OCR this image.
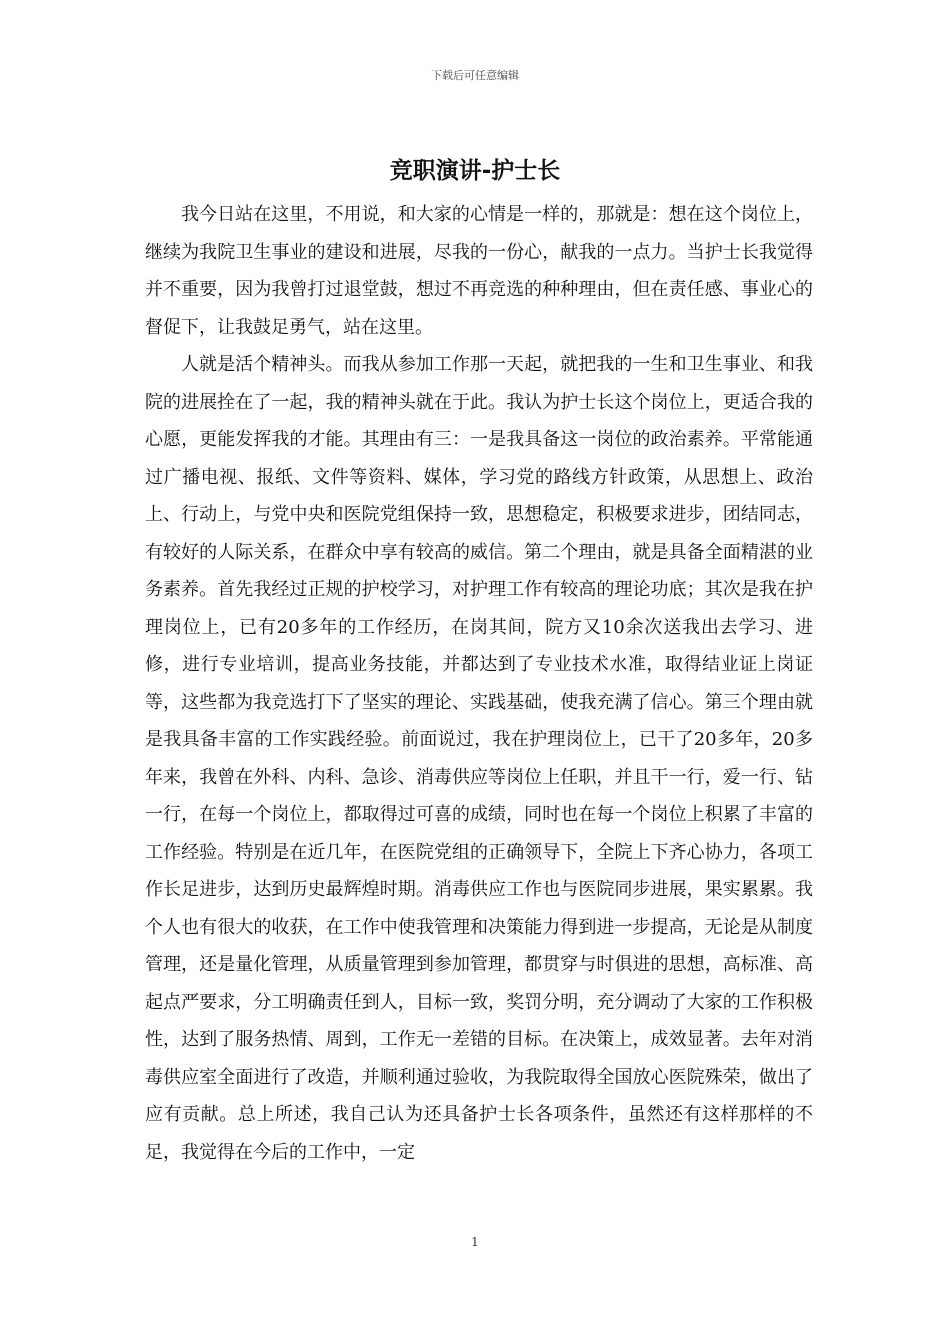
下载后可任意编辑
竞职演讲-护士长

我今日站在这里，不用说，和大家的心情是一样的，那就是：想在这个岗位上，继续为我院卫生事业的建设和进展，尽我的一份心，献我的一点力。当护士长我觉得并不重要，因为我曾打过退堂鼓，想过不再竞选的种种理由，但在责任感、事业心的督促下，让我鼓足勇气，站在这里。

人就是活个精神头。而我从参加工作那一天起，就把我的一生和卫生事业、和我院的进展拴在了一起，我的精神头就在于此。我认为护士长这个岗位上，更适合我的心愿，更能发挥我的才能。其理由有三：一是我具备这一岗位的政治素养。平常能通过广播电视、报纸、文件等资料、媒体，学习党的路线方针政策，从思想上、政治上、行动上，与党中央和医院党组保持一致，思想稳定，积极要求进步，团结同志，有较好的人际关系，在群众中享有较高的威信。第二个理由，就是具备全面精湛的业务素养。首先我经过正规的护校学习，对护理工作有较高的理论功底；其次是我在护理岗位上，已有20多年的工作经历，在岗其间，院方又10余次送我出去学习、进修，进行专业培训，提高业务技能，并都达到了专业技术水准，取得结业证上岗证等，这些都为我竞选打下了坚实的理论、实践基础，使我充满了信心。第三个理由就是我具备丰富的工作实践经验。前面说过，我在护理岗位上，已干了20多年，20多年来，我曾在外科、内科、急诊、消毒供应等岗位上任职，并且干一行，爱一行、钻一行，在每一个岗位上，都取得过可喜的成绩，同时也在每一个岗位上积累了丰富的工作经验。特别是在近几年，在医院党组的正确领导下，全院上下齐心协力，各项工作长足进步，达到历史最辉煌时期。消毒供应工作也与医院同步进展，果实累累。我个人也有很大的收获，在工作中使我管理和决策能力得到进一步提高，无论是从制度管理，还是量化管理，从质量管理到参加管理，都贯穿与时俱进的思想，高标准、高起点严要求，分工明确责任到人，目标一致，奖罚分明，充分调动了大家的工作积极性，达到了服务热情、周到，工作无一差错的目标。在决策上，成效显著。去年对消毒供应室全面进行了改造，并顺利通过验收，为我院取得全国放心医院殊荣，做出了应有贡献。总上所述，我自己认为还具备护士长各项条件，虽然还有这样那样的不足，我觉得在今后的工作中，一定

1
